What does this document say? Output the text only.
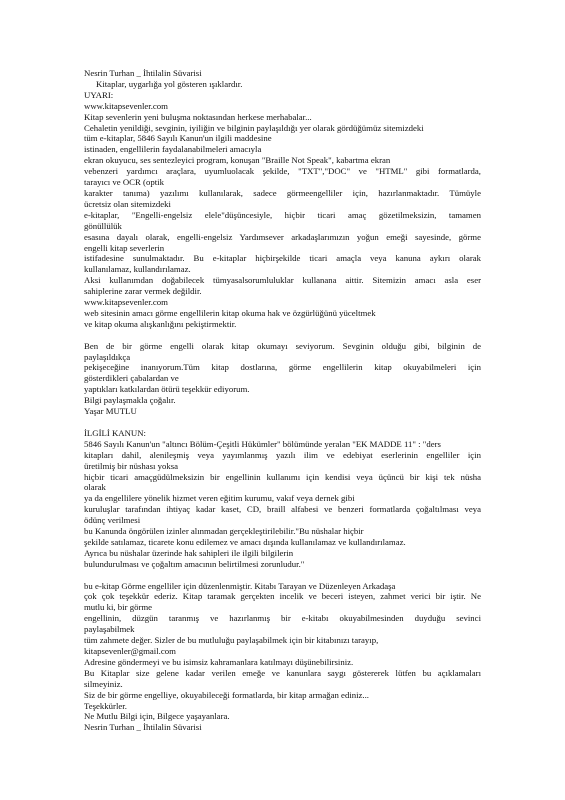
Nesrin Turhan _ İhtilalin Süvarisi
Kitaplar, uygarlığa yol gösteren ışıklardır.
UYARI:
www.kitapsevenler.com
Kitap sevenlerin yeni buluşma noktasından herkese merhabalar...
Cehaletin yenildiği, sevginin, iyiliğin ve bilginin paylaşıldığı yer olarak gördüğümüz sitemizdeki
tüm e-kitaplar, 5846 Sayılı Kanun'un ilgili maddesine
istinaden, engellilerin faydalanabilmeleri amacıyla
ekran okuyucu, ses sentezleyici program, konuşan "Braille Not Speak", kabartma ekran
vebenzeri yardımcı araçlara, uyumluolacak şekilde, "TXT","DOC" ve "HTML" gibi formatlarda,
tarayıcı ve OCR (optik
karakter tanıma) yazılımı kullanılarak, sadece görmeengelliler için, hazırlanmaktadır. Tümüyle
ücretsiz olan sitemizdeki
e-kitaplar, "Engelli-engelsiz elele"düşüncesiyle, hiçbir ticari amaç gözetilmeksizin, tamamen
gönüllülük
esasına dayalı olarak, engelli-engelsiz Yardımsever arkadaşlarımızın yoğun emeği sayesinde, görme
engelli kitap severlerin
istifadesine sunulmaktadır. Bu e-kitaplar hiçbirşekilde ticari amaçla veya kanuna aykırı olarak
kullanılamaz, kullandırılamaz.
Aksi kullanımdan doğabilecek tümyasalsorumluluklar kullanana aittir. Sitemizin amacı asla eser
sahiplerine zarar vermek değildir.
www.kitapsevenler.com
web sitesinin amacı görme engellilerin kitap okuma hak ve özgürlüğünü yüceltmek
ve kitap okuma alışkanlığını pekiştirmektir.
Ben de bir görme engelli olarak kitap okumayı seviyorum. Sevginin olduğu gibi, bilginin de
paylaşıldıkça
pekişeceğine inanıyorum.Tüm kitap dostlarına, görme engellilerin kitap okuyabilmeleri için
gösterdikleri çabalardan ve
yaptıkları katkılardan ötürü teşekkür ediyorum.
Bilgi paylaşmakla çoğalır.
Yaşar MUTLU
İLGİLİ KANUN:
5846 Sayılı Kanun'un "altıncı Bölüm-Çeşitli Hükümler" bölümünde yeralan "EK MADDE 11" : "ders
kitapları dahil, alenileşmiş veya yayımlanmış yazılı ilim ve edebiyat eserlerinin engelliler için
üretilmiş bir nüshası yoksa
hiçbir ticari amaçgüdülmeksizin bir engellinin kullanımı için kendisi veya üçüncü bir kişi tek nüsha
olarak
ya da engellilere yönelik hizmet veren eğitim kurumu, vakıf veya dernek gibi
kuruluşlar tarafından ihtiyaç kadar kaset, CD, braill alfabesi ve benzeri formatlarda çoğaltılması veya
ödünç verilmesi
bu Kanunda öngörülen izinler alınmadan gerçekleştirilebilir."Bu nüshalar hiçbir
şekilde satılamaz, ticarete konu edilemez ve amacı dışında kullanılamaz ve kullandırılamaz.
Ayrıca bu nüshalar üzerinde hak sahipleri ile ilgili bilgilerin
bulundurulması ve çoğaltım amacının belirtilmesi zorunludur."
bu e-kitap Görme engelliler için düzenlenmiştir. Kitabı Tarayan ve Düzenleyen Arkadaşa
çok çok teşekkür ederiz. Kitap taramak gerçekten incelik ve beceri isteyen, zahmet verici bir iştir. Ne
mutlu ki, bir görme
engellinin, düzgün taranmış ve hazırlanmış bir e-kitabı okuyabilmesinden duyduğu sevinci
paylaşabilmek
tüm zahmete değer. Sizler de bu mutluluğu paylaşabilmek için bir kitabınızı tarayıp,
kitapsevenler@gmail.com
Adresine göndermeyi ve bu isimsiz kahramanlara katılmayı düşünebilirsiniz.
Bu Kitaplar size gelene kadar verilen emeğe ve kanunlara saygı göstererek lütfen bu açıklamaları
silmeyiniz.
Siz de bir görme engelliye, okuyabileceği formatlarda, bir kitap armağan ediniz...
Teşekkürler.
Ne Mutlu Bilgi için, Bilgece yaşayanlara.
Nesrin Turhan _ İhtilalin Süvarisi
